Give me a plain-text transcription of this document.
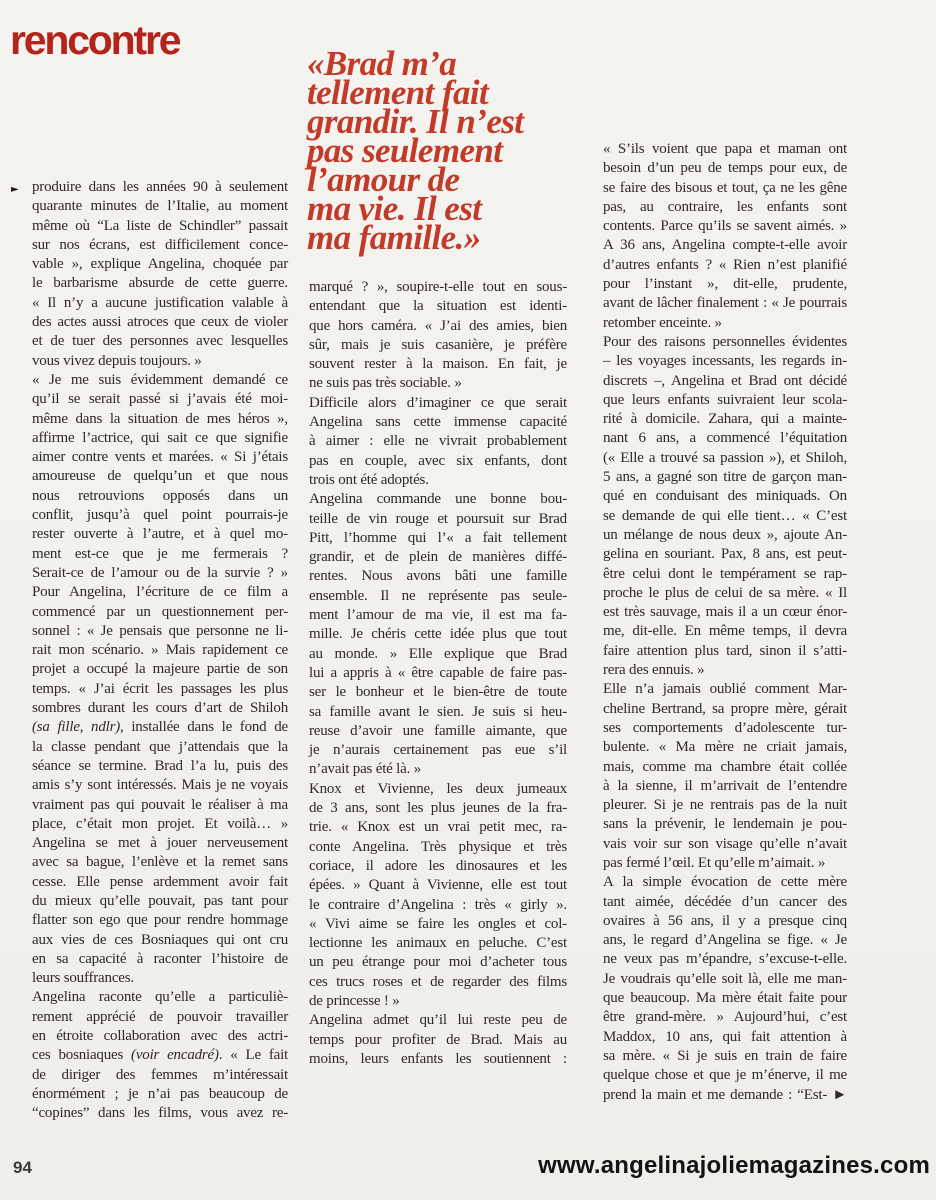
rencontre
«Brad m’a
tellement fait
grandir. Il n’est
pas seulement
l’amour de
ma vie. Il est
ma famille.»
► produire dans les années 90 à seulement
quarante minutes de l’Italie, au moment
même où “La liste de Schindler” passait
sur nos écrans, est difficilement conce-
vable », explique Angelina, choquée par
le barbarisme absurde de cette guerre.
« Il n’y a aucune justification valable à
des actes aussi atroces que ceux de violer
et de tuer des personnes avec lesquelles
vous vivez depuis toujours. »
« Je me suis évidemment demandé ce
qu’il se serait passé si j’avais été moi-
même dans la situation de mes héros »,
affirme l’actrice, qui sait ce que signifie
aimer contre vents et marées. « Si j’étais
amoureuse de quelqu’un et que nous
nous retrouvions opposés dans un
conflit, jusqu’à quel point pourrais-je
rester ouverte à l’autre, et à quel mo-
ment est-ce que je me fermerais ?
Serait-ce de l’amour ou de la survie ? »
Pour Angelina, l’écriture de ce film a
commencé par un questionnement per-
sonnel : « Je pensais que personne ne li-
rait mon scénario. » Mais rapidement ce
projet a occupé la majeure partie de son
temps. « J’ai écrit les passages les plus
sombres durant les cours d’art de Shiloh
(sa fille, ndlr), installée dans le fond de
la classe pendant que j’attendais que la
séance se termine. Brad l’a lu, puis des
amis s’y sont intéressés. Mais je ne voyais
vraiment pas qui pouvait le réaliser à ma
place, c’était mon projet. Et voilà… »
Angelina se met à jouer nerveusement
avec sa bague, l’enlève et la remet sans
cesse. Elle pense ardemment avoir fait
du mieux qu’elle pouvait, pas tant pour
flatter son ego que pour rendre hommage
aux vies de ces Bosniaques qui ont cru
en sa capacité à raconter l’histoire de
leurs souffrances.
Angelina raconte qu’elle a particuliè-
rement apprécié de pouvoir travailler
en étroite collaboration avec des actri-
ces bosniaques (voir encadré). « Le fait
de diriger des femmes m’intéressait
énormément ; je n’ai pas beaucoup de
“copines” dans les films, vous avez re-
marqué ? », soupire-t-elle tout en sous-
entendant que la situation est identi-
que hors caméra. « J’ai des amies, bien
sûr, mais je suis casanière, je préfère
souvent rester à la maison. En fait, je
ne suis pas très sociable. »
Difficile alors d’imaginer ce que serait
Angelina sans cette immense capacité
à aimer : elle ne vivrait probablement
pas en couple, avec six enfants, dont
trois ont été adoptés.
Angelina commande une bonne bou-
teille de vin rouge et poursuit sur Brad
Pitt, l’homme qui l’« a fait tellement
grandir, et de plein de manières diffé-
rentes. Nous avons bâti une famille
ensemble. Il ne représente pas seule-
ment l’amour de ma vie, il est ma fa-
mille. Je chéris cette idée plus que tout
au monde. » Elle explique que Brad
lui a appris à « être capable de faire pas-
ser le bonheur et le bien-être de toute
sa famille avant le sien. Je suis si heu-
reuse d’avoir une famille aimante, que
je n’aurais certainement pas eue s’il
n’avait pas été là. »
Knox et Vivienne, les deux jumeaux
de 3 ans, sont les plus jeunes de la fra-
trie. « Knox est un vrai petit mec, ra-
conte Angelina. Très physique et très
coriace, il adore les dinosaures et les
épées. » Quant à Vivienne, elle est tout
le contraire d’Angelina : très « girly ».
« Vivi aime se faire les ongles et col-
lectionne les animaux en peluche. C’est
un peu étrange pour moi d’acheter tous
ces trucs roses et de regarder des films
de princesse ! »
Angelina admet qu’il lui reste peu de
temps pour profiter de Brad. Mais au
moins, leurs enfants les soutiennent :
« S’ils voient que papa et maman ont
besoin d’un peu de temps pour eux, de
se faire des bisous et tout, ça ne les gêne
pas, au contraire, les enfants sont
contents. Parce qu’ils se savent aimés. »
A 36 ans, Angelina compte-t-elle avoir
d’autres enfants ? « Rien n’est planifié
pour l’instant », dit-elle, prudente,
avant de lâcher finalement : « Je pourrais
retomber enceinte. »
Pour des raisons personnelles évidentes
– les voyages incessants, les regards in-
discrets –, Angelina et Brad ont décidé
que leurs enfants suivraient leur scola-
rité à domicile. Zahara, qui a mainte-
nant 6 ans, a commencé l’équitation
(« Elle a trouvé sa passion »), et Shiloh,
5 ans, a gagné son titre de garçon man-
qué en conduisant des miniquads. On
se demande de qui elle tient… « C’est
un mélange de nous deux », ajoute An-
gelina en souriant. Pax, 8 ans, est peut-
être celui dont le tempérament se rap-
proche le plus de celui de sa mère. « Il
est très sauvage, mais il a un cœur énor-
me, dit-elle. En même temps, il devra
faire attention plus tard, sinon il s’atti-
rera des ennuis. »
Elle n’a jamais oublié comment Mar-
cheline Bertrand, sa propre mère, gérait
ses comportements d’adolescente tur-
bulente. « Ma mère ne criait jamais,
mais, comme ma chambre était collée
à la sienne, il m’arrivait de l’entendre
pleurer. Si je ne rentrais pas de la nuit
sans la prévenir, le lendemain je pou-
vais voir sur son visage qu’elle n’avait
pas fermé l’œil. Et qu’elle m’aimait. »
A la simple évocation de cette mère
tant aimée, décédée d’un cancer des
ovaires à 56 ans, il y a presque cinq
ans, le regard d’Angelina se fige. « Je
ne veux pas m’épandre, s’excuse-t-elle.
Je voudrais qu’elle soit là, elle me man-
que beaucoup. Ma mère était faite pour
être grand-mère. » Aujourd’hui, c’est
Maddox, 10 ans, qui fait attention à
sa mère. « Si je suis en train de faire
quelque chose et que je m’énerve, il me
prend la main et me demande : “Est- ►
94	www.angelinajoliemagazines.com
